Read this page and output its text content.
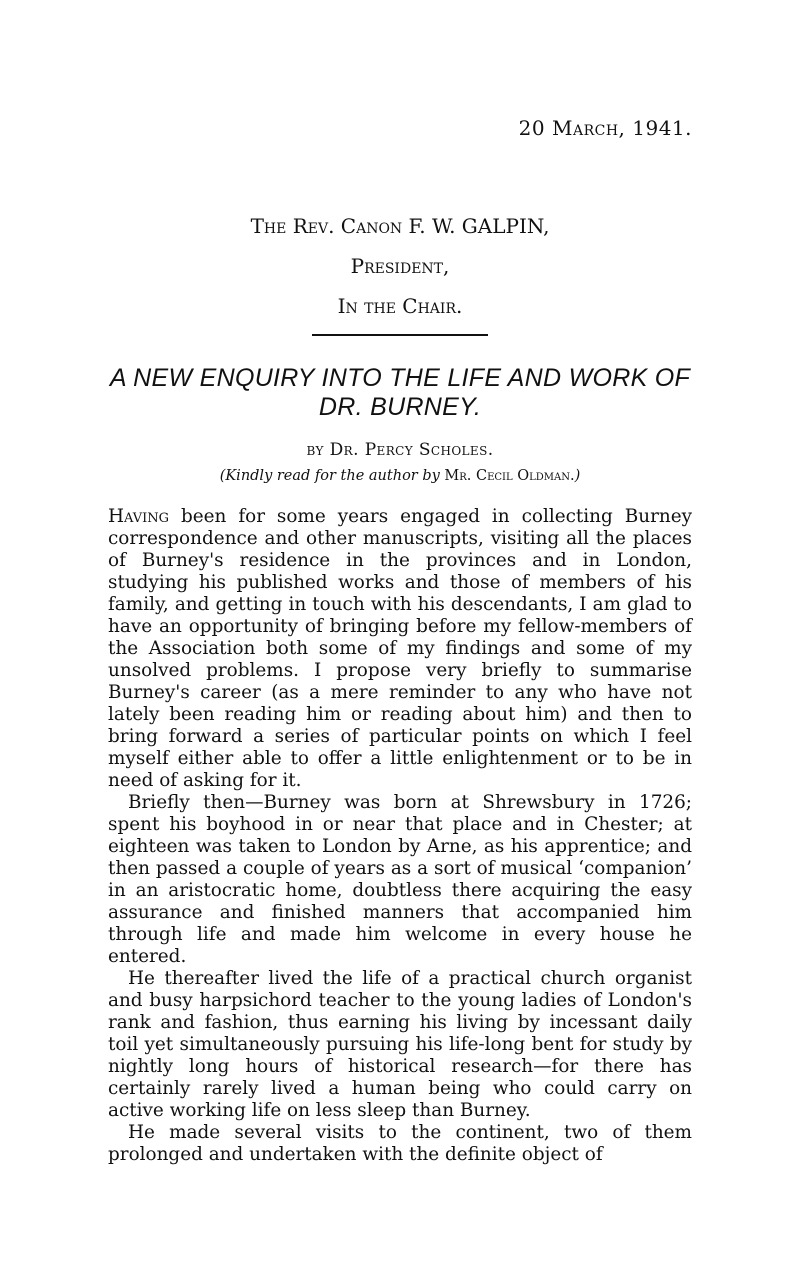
20 March, 1941.
The Rev. Canon F. W. GALPIN,
President,
In the Chair.
A NEW ENQUIRY INTO THE LIFE AND WORK OF DR. BURNEY.
by Dr. Percy Scholes.
(Kindly read for the author by Mr. Cecil Oldman.)

Having been for some years engaged in collecting Burney correspondence and other manuscripts, visiting all the places of Burney's residence in the provinces and in London, studying his published works and those of members of his family, and getting in touch with his descendants, I am glad to have an opportunity of bringing before my fellow-members of the Association both some of my findings and some of my unsolved problems. I propose very briefly to summarise Burney's career (as a mere reminder to any who have not lately been reading him or reading about him) and then to bring forward a series of particular points on which I feel myself either able to offer a little enlightenment or to be in need of asking for it.

Briefly then—Burney was born at Shrewsbury in 1726; spent his boyhood in or near that place and in Chester; at eighteen was taken to London by Arne, as his apprentice; and then passed a couple of years as a sort of musical ‘companion’ in an aristocratic home, doubtless there acquiring the easy assurance and finished manners that accompanied him through life and made him welcome in every house he entered.

He thereafter lived the life of a practical church organist and busy harpsichord teacher to the young ladies of London's rank and fashion, thus earning his living by incessant daily toil yet simultaneously pursuing his life-long bent for study by nightly long hours of historical research—for there has certainly rarely lived a human being who could carry on active working life on less sleep than Burney.

He made several visits to the continent, two of them prolonged and undertaken with the definite object of
